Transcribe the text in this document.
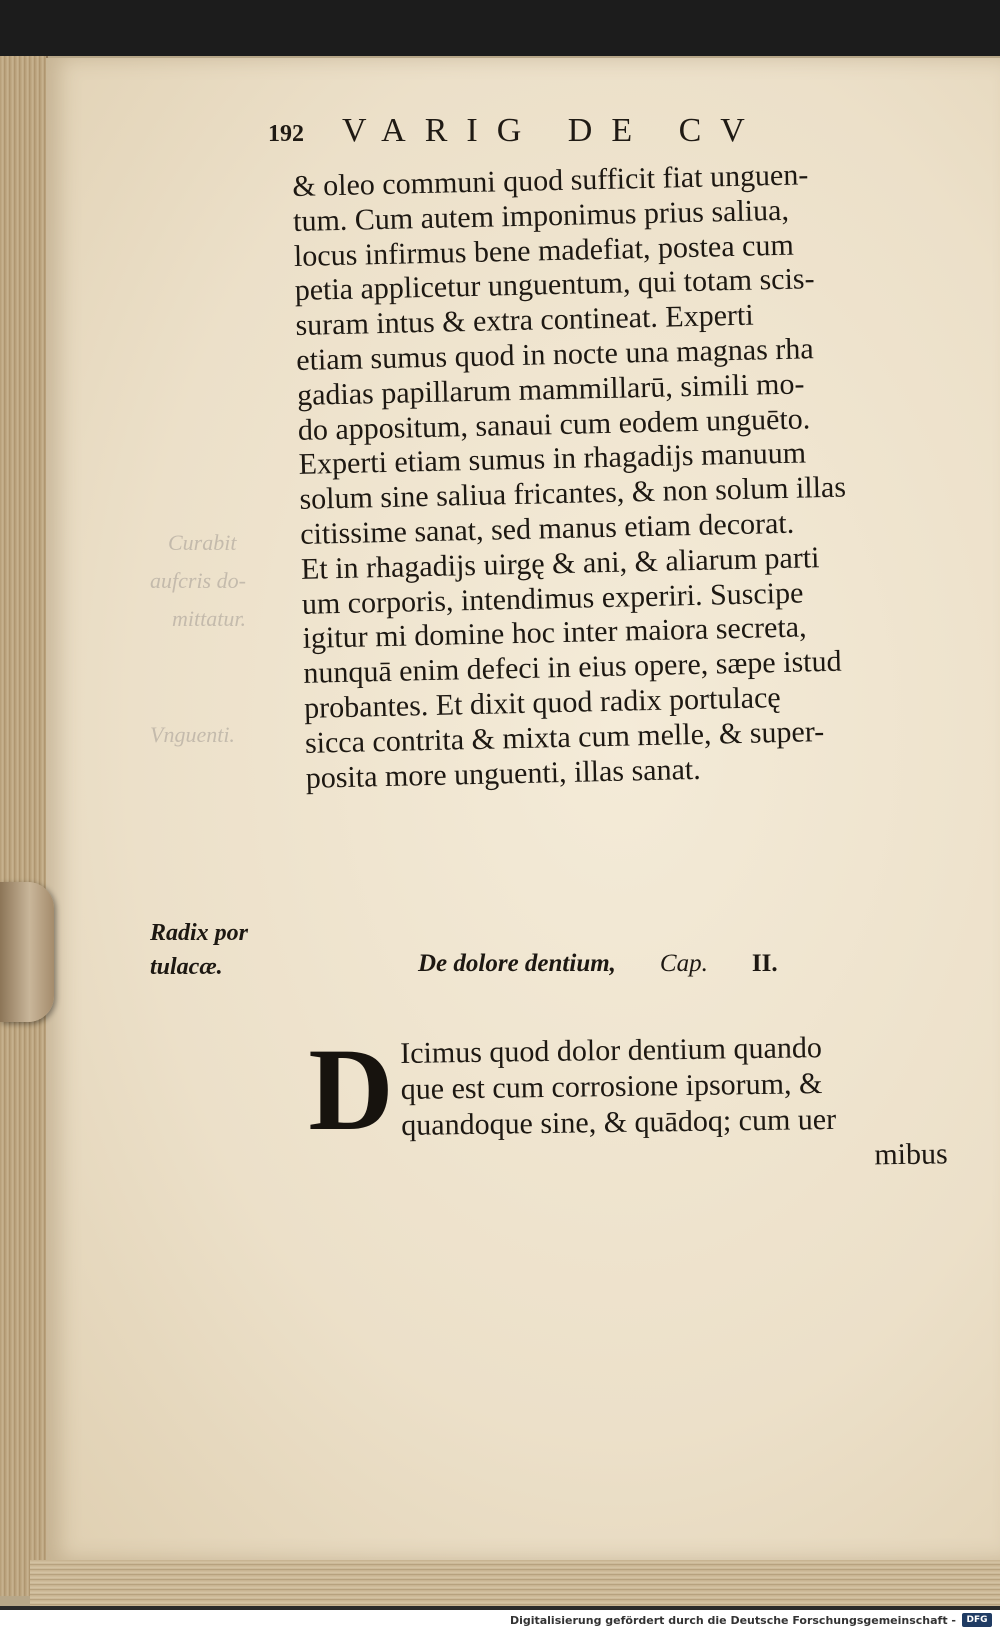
Curabit
aufcris do-
mittatur.
Vnguenti.
192 VARIG DE CV
& oleo communi quod sufficit fiat unguen-
tum. Cum autem imponimus prius saliua,
locus infirmus bene madefiat, postea cum
petia applicetur unguentum, qui totam scis-
suram intus & extra contineat. Experti
etiam sumus quod in nocte una magnas rha
gadias papillarum mammillarū, simili mo-
do appositum, sanaui cum eodem unguēto.
Experti etiam sumus in rhagadijs manuum
solum sine saliua fricantes, & non solum illas
citissime sanat, sed manus etiam decorat.
Et in rhagadijs uirgę & ani, & aliarum parti
um corporis, intendimus experiri. Suscipe
igitur mi domine hoc inter maiora secreta,
nunquā enim defeci in eius opere, sæpe istud
probantes. Et dixit quod radix portulacę
sicca contrita & mixta cum melle, & super-
posita more unguenti, illas sanat.
Radix por
tulacæ.	De dolore dentium, Cap. II.
D Icimus quod dolor dentium quando
que est cum corrosione ipsorum, &
quandoque sine, & quādoq; cum uer
mibus
Digitalisierung gefördert durch die Deutsche Forschungsgemeinschaft -	DFG
